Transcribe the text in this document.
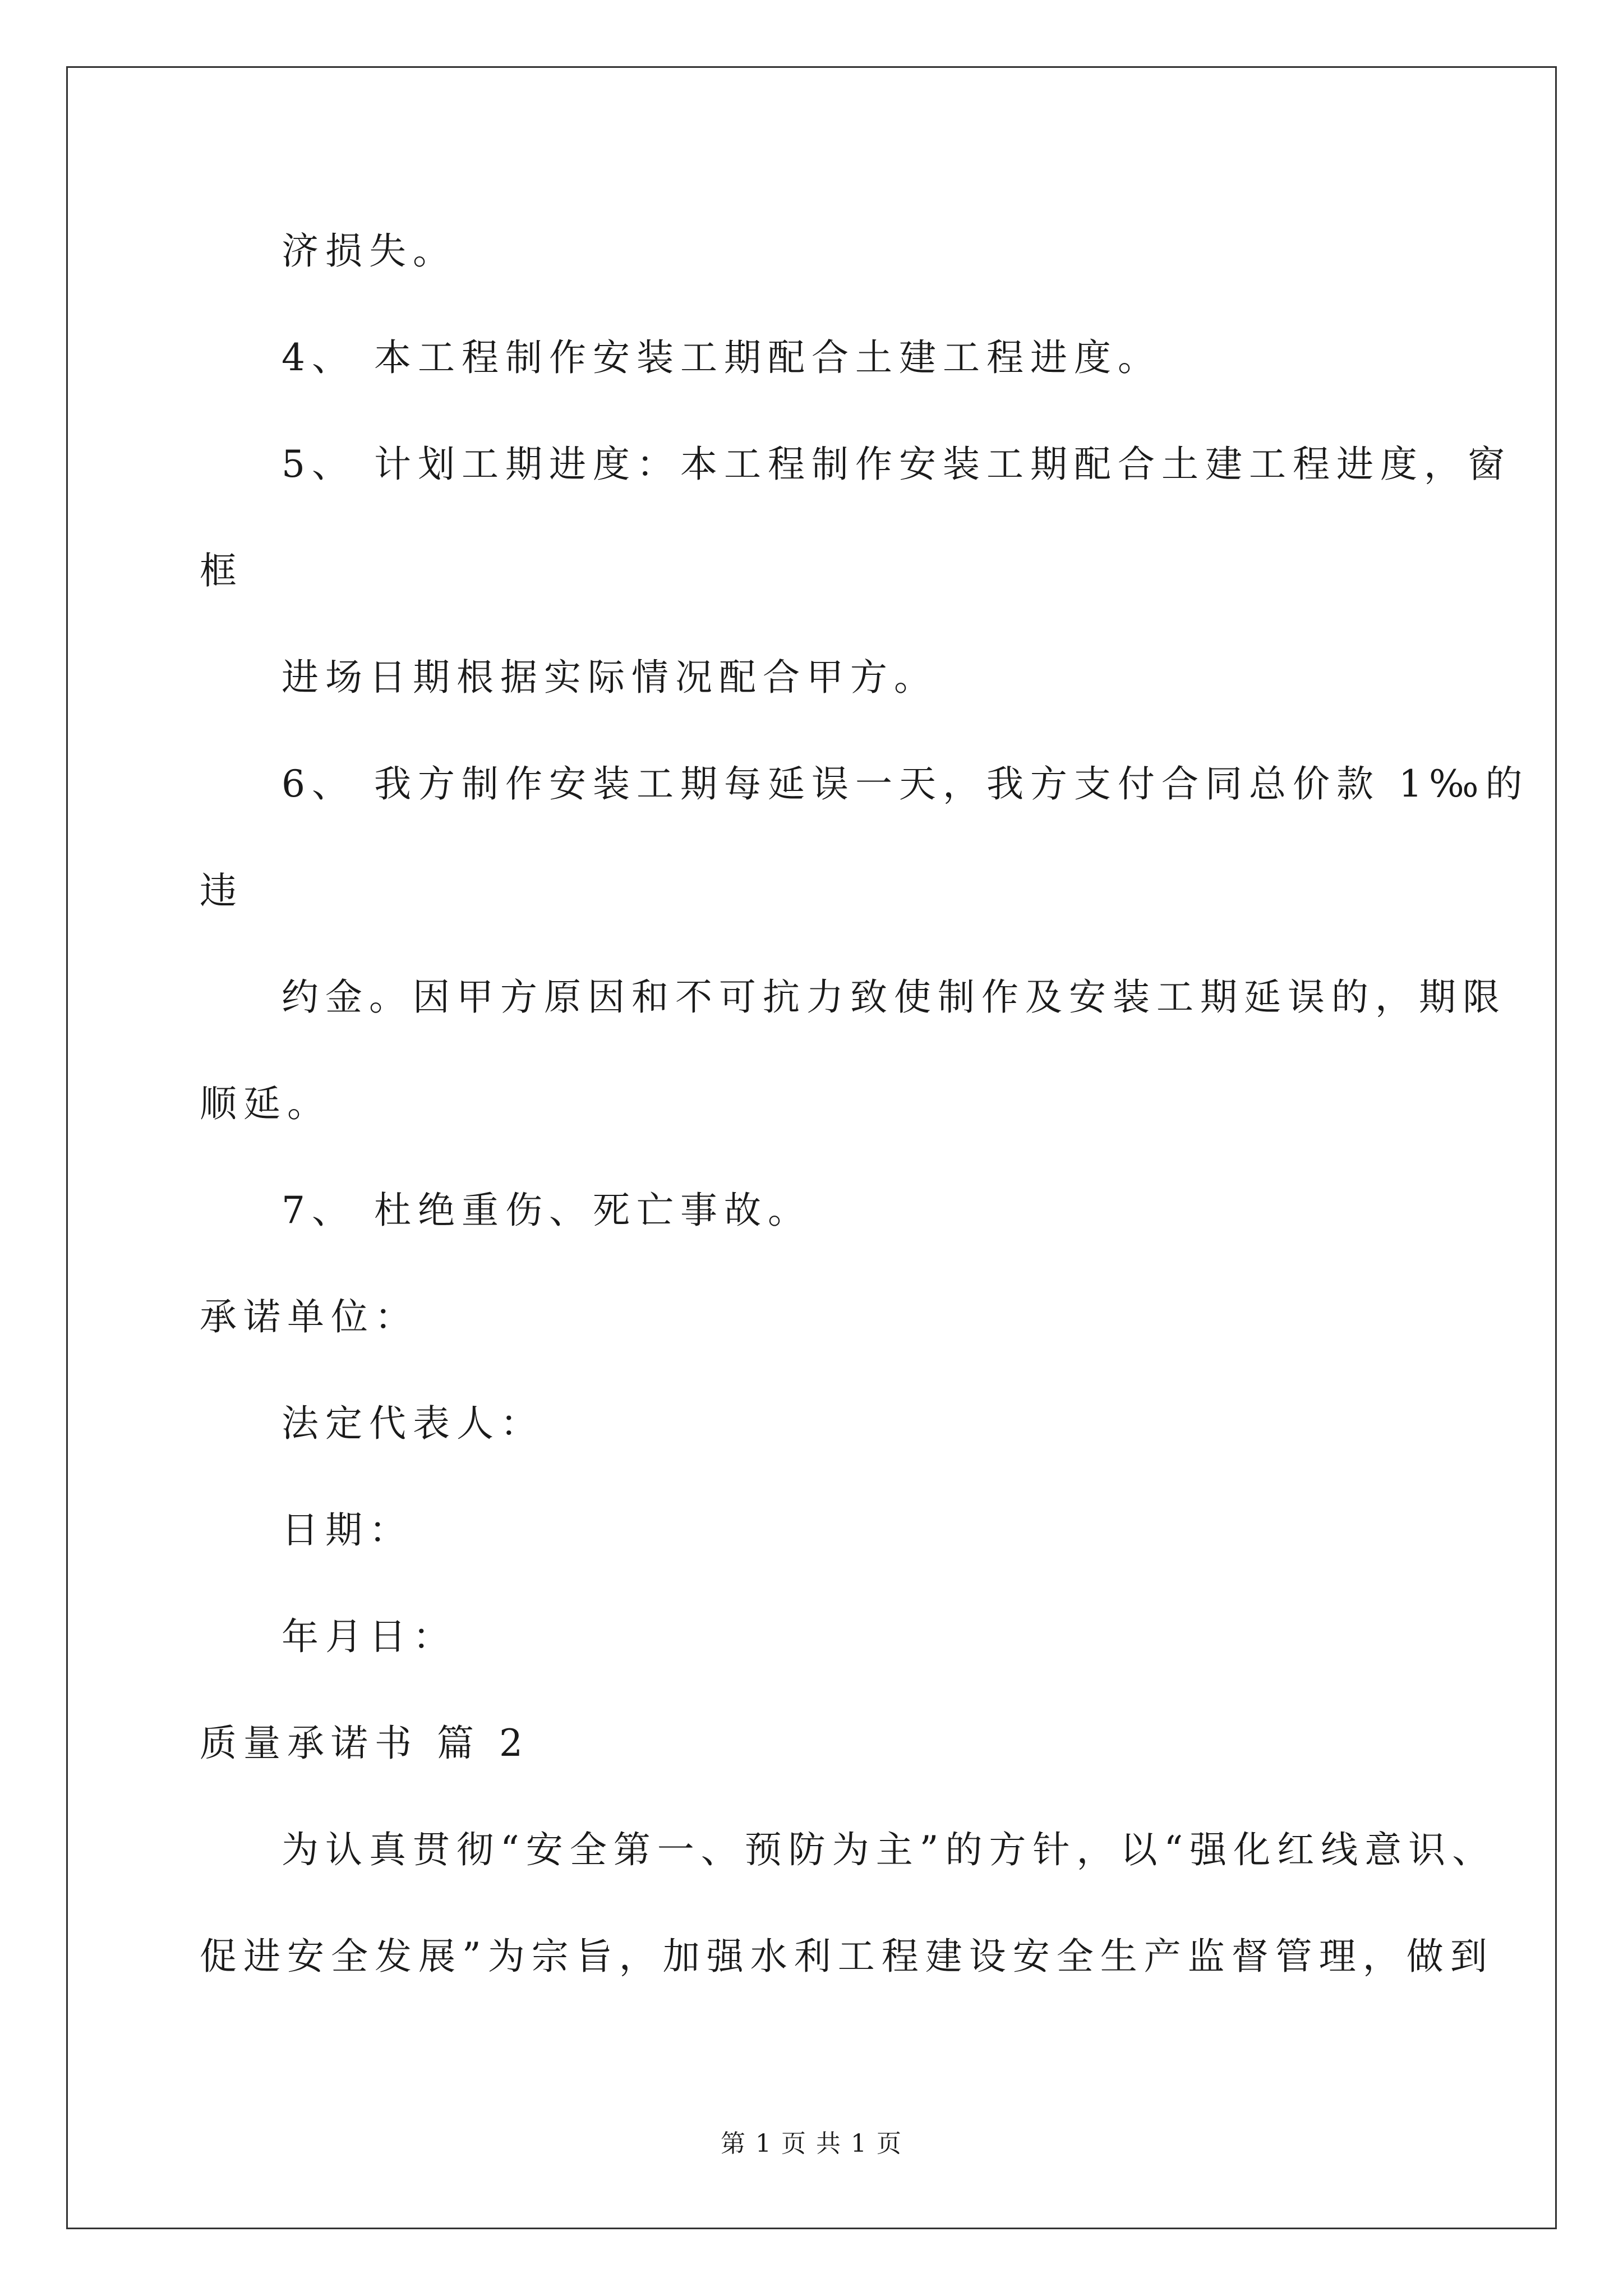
济损失。
4、 本工程制作安装工期配合土建工程进度。
5、 计划工期进度：本工程制作安装工期配合土建工程进度，窗
框
进场日期根据实际情况配合甲方。
6、 我方制作安装工期每延误一天，我方支付合同总价款 1‰的
违
约金。因甲方原因和不可抗力致使制作及安装工期延误的，期限
顺延。
7、 杜绝重伤、死亡事故。
承诺单位：
法定代表人：
日期：
年月日：
质量承诺书 篇 2
为认真贯彻“安全第一、预防为主”的方针，以“强化红线意识、
促进安全发展”为宗旨，加强水利工程建设安全生产监督管理，做到
第 1 页 共 1 页
